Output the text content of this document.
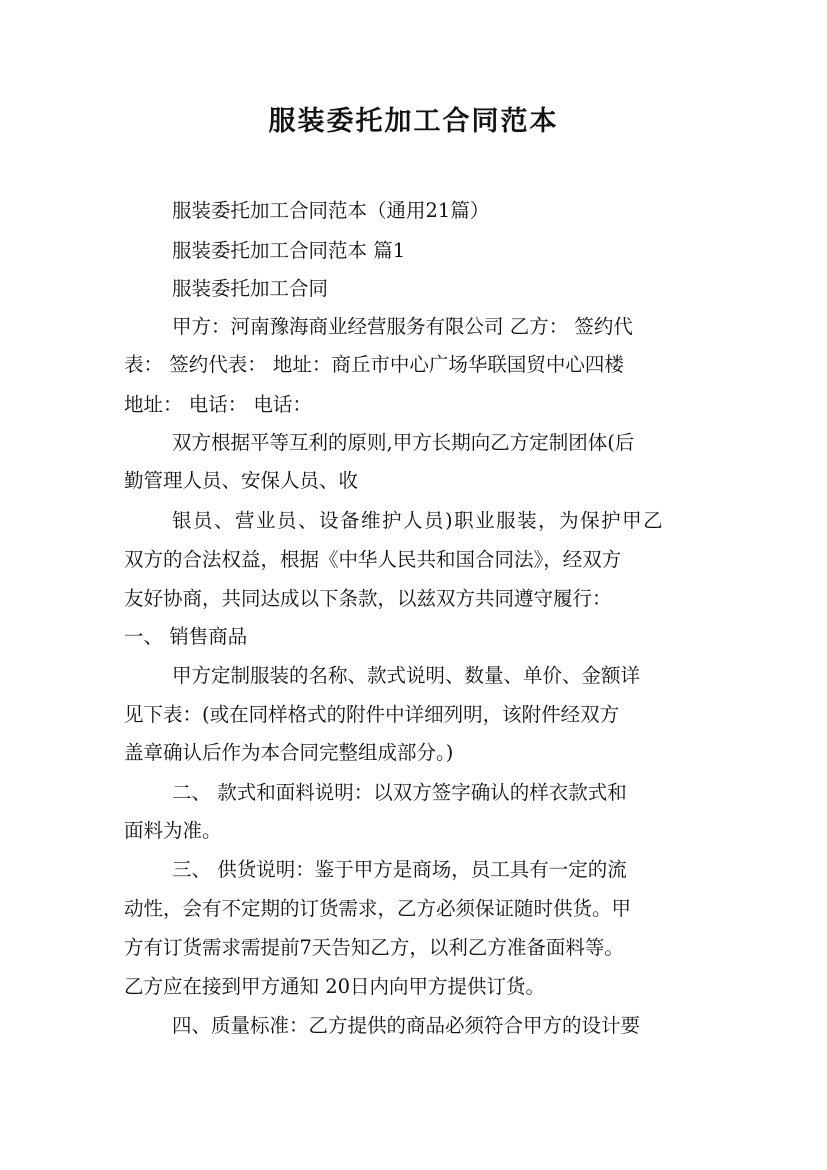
服装委托加工合同范本
服装委托加工合同范本（通用21篇）
服装委托加工合同范本 篇1
服装委托加工合同
甲方：河南豫海商业经营服务有限公司 乙方： 签约代
表： 签约代表： 地址：商丘市中心广场华联国贸中心四楼
地址： 电话： 电话：
双方根据平等互利的原则,甲方长期向乙方定制团体(后
勤管理人员、安保人员、收
银员、营业员、设备维护人员)职业服装，为保护甲乙
双方的合法权益，根据《中华人民共和国合同法》，经双方
友好协商，共同达成以下条款，以兹双方共同遵守履行：
一、 销售商品
甲方定制服装的名称、款式说明、数量、单价、金额详
见下表：(或在同样格式的附件中详细列明，该附件经双方
盖章确认后作为本合同完整组成部分。)
二、 款式和面料说明：以双方签字确认的样衣款式和
面料为准。
三、 供货说明：鉴于甲方是商场，员工具有一定的流
动性，会有不定期的订货需求，乙方必须保证随时供货。甲
方有订货需求需提前7天告知乙方，以利乙方准备面料等。
乙方应在接到甲方通知 20日内向甲方提供订货。
四、质量标准：乙方提供的商品必须符合甲方的设计要
